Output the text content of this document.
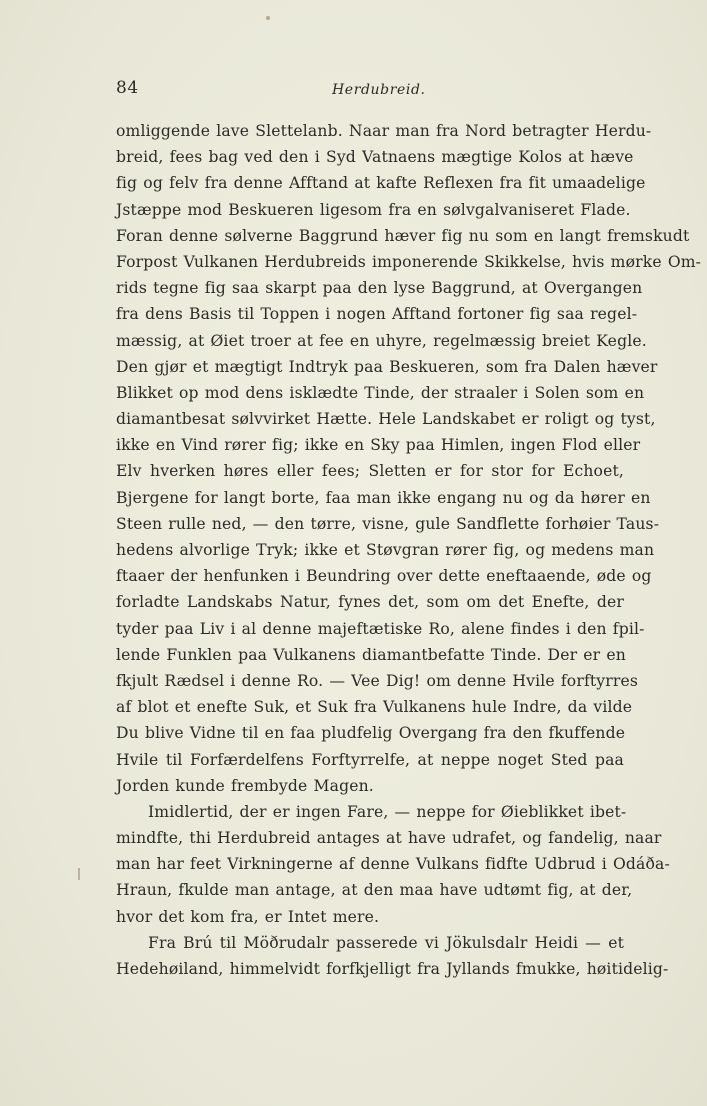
84	Herdubreid.
omliggende lave Slettelanb. Naar man fra Nord betragter Herdu-
breid, fees bag ved den i Syd Vatnaens mægtige Kolos at hæve
fig og felv fra denne Afftand at kafte Reflexen fra fit umaadelige
Jstæppe mod Beskueren ligesom fra en sølvgalvaniseret Flade.
Foran denne sølverne Baggrund hæver fig nu som en langt fremskudt
Forpost Vulkanen Herdubreids imponerende Skikkelse, hvis mørke Om-
rids tegne fig saa skarpt paa den lyse Baggrund, at Overgangen
fra dens Basis til Toppen i nogen Afftand fortoner fig saa regel-
mæssig, at Øiet troer at fee en uhyre, regelmæssig breiet Kegle.
Den gjør et mægtigt Indtryk paa Beskueren, som fra Dalen hæver
Blikket op mod dens isklædte Tinde, der straaler i Solen som en
diamantbesat sølvvirket Hætte. Hele Landskabet er roligt og tyst,
ikke en Vind rører fig; ikke en Sky paa Himlen, ingen Flod eller
Elv hverken høres eller fees; Sletten er for stor for Echoet,
Bjergene for langt borte, faa man ikke engang nu og da hører en
Steen rulle ned, — den tørre, visne, gule Sandflette forhøier Taus-
hedens alvorlige Tryk; ikke et Støvgran rører fig, og medens man
ftaaer der henfunken i Beundring over dette eneftaaende, øde og
forladte Landskabs Natur, fynes det, som om det Enefte, der
tyder paa Liv i al denne majeftætiske Ro, alene findes i den fpil-
lende Funklen paa Vulkanens diamantbefatte Tinde. Der er en
fkjult Rædsel i denne Ro. — Vee Dig! om denne Hvile forftyrres
af blot et enefte Suk, et Suk fra Vulkanens hule Indre, da vilde
Du blive Vidne til en faa pludfelig Overgang fra den fkuffende
Hvile til Forfærdelfens Forftyrrelfe, at neppe noget Sted paa
Jorden kunde frembyde Magen.
Imidlertid, der er ingen Fare, — neppe for Øieblikket ibet-
mindfte, thi Herdubreid antages at have udrafet, og fandelig, naar
man har feet Virkningerne af denne Vulkans fidfte Udbrud i Odáða-
Hraun, fkulde man antage, at den maa have udtømt fig, at der,
hvor det kom fra, er Intet mere.
Fra Brú til Möðrudalr passerede vi Jökulsdalr Heidi — et
Hedehøiland, himmelvidt forfkjelligt fra Jyllands fmukke, høitidelig-
